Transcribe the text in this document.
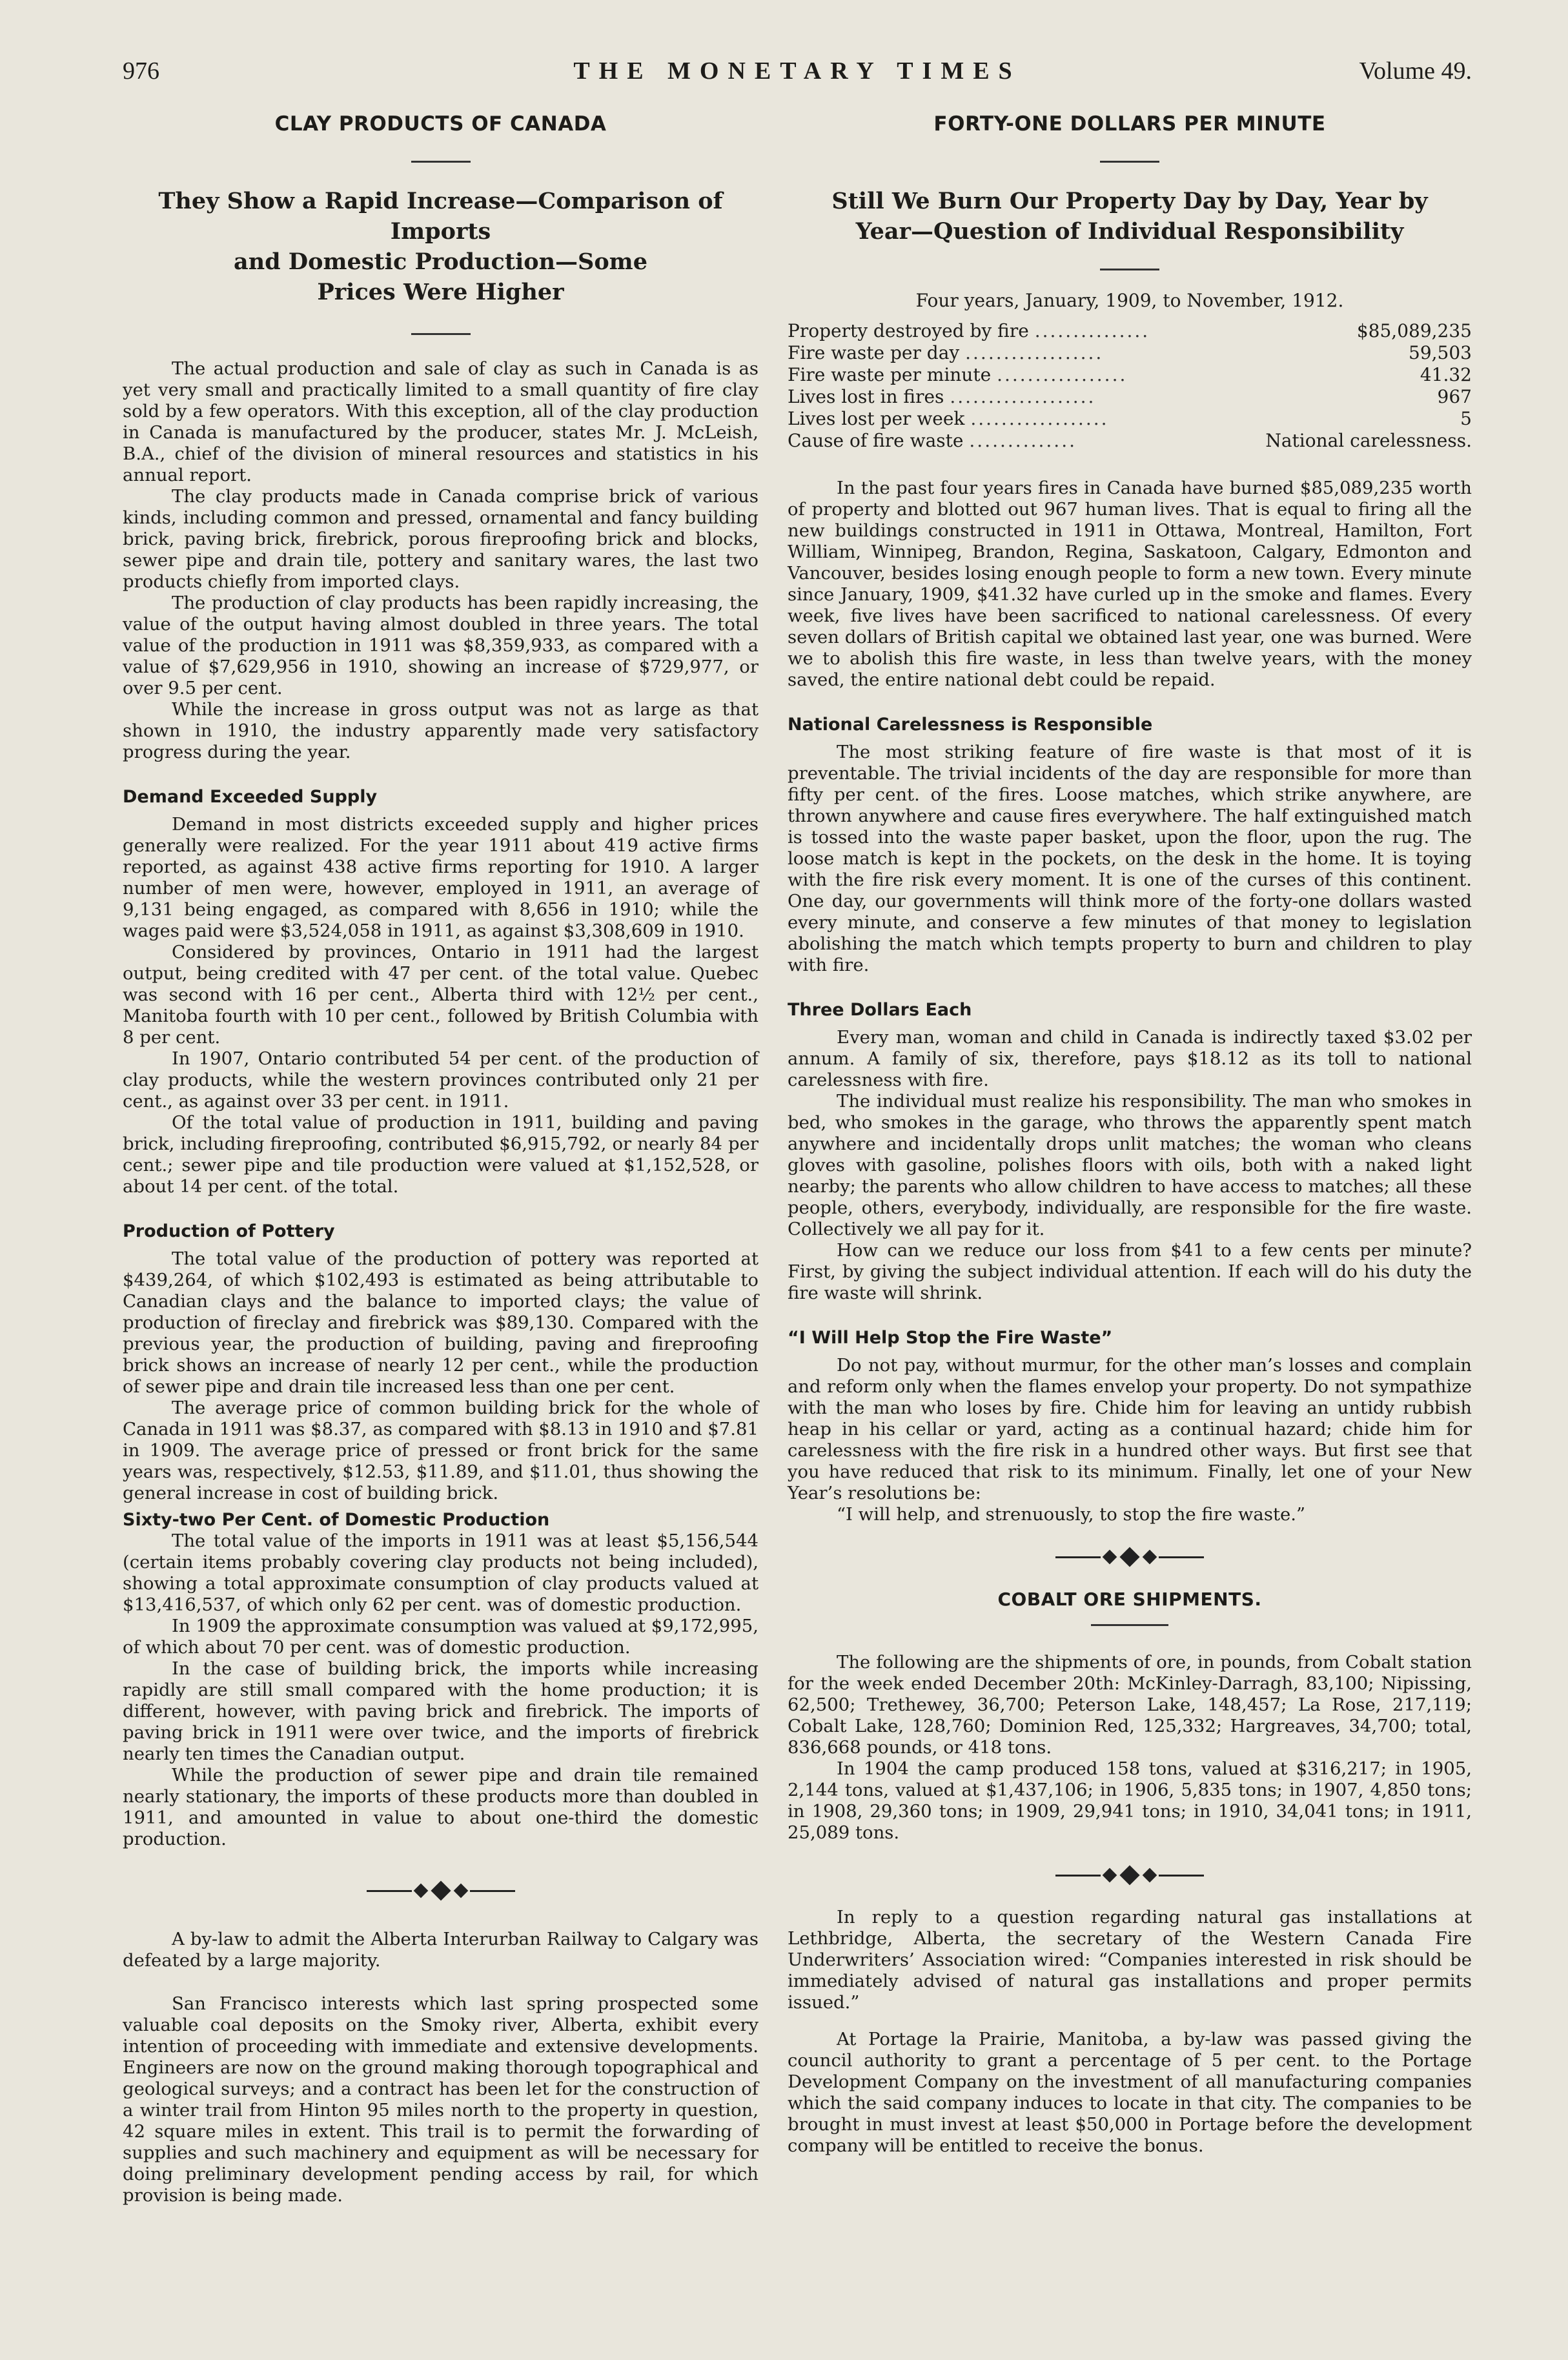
976	THE MONETARY TIMES	Volume 49.
CLAY PRODUCTS OF CANADA
They Show a Rapid Increase—Comparison of Imports
and Domestic Production—Some
Prices Were Higher

The actual production and sale of clay as such in Canada is as yet very small and practically limited to a small quantity of fire clay sold by a few operators. With this exception, all of the clay production in Canada is manufactured by the producer, states Mr. J. McLeish, B.A., chief of the division of mineral resources and statistics in his annual report.

The clay products made in Canada comprise brick of various kinds, including common and pressed, ornamental and fancy building brick, paving brick, firebrick, porous fireproofing brick and blocks, sewer pipe and drain tile, pottery and sanitary wares, the last two products chiefly from imported clays.

The production of clay products has been rapidly increasing, the value of the output having almost doubled in three years. The total value of the production in 1911 was $8,359,933, as compared with a value of $7,629,956 in 1910, showing an increase of $729,977, or over 9.5 per cent.

While the increase in gross output was not as large as that shown in 1910, the industry apparently made very satisfactory progress during the year.

Demand Exceeded Supply

Demand in most districts exceeded supply and higher prices generally were realized. For the year 1911 about 419 active firms reported, as against 438 active firms reporting for 1910. A larger number of men were, however, employed in 1911, an average of 9,131 being engaged, as compared with 8,656 in 1910; while the wages paid were $3,524,058 in 1911, as against $3,308,609 in 1910.

Considered by provinces, Ontario in 1911 had the largest output, being credited with 47 per cent. of the total value. Quebec was second with 16 per cent., Alberta third with 12½ per cent., Manitoba fourth with 10 per cent., followed by British Columbia with 8 per cent.

In 1907, Ontario contributed 54 per cent. of the production of clay products, while the western provinces contributed only 21 per cent., as against over 33 per cent. in 1911.

Of the total value of production in 1911, building and paving brick, including fireproofing, contributed $6,915,792, or nearly 84 per cent.; sewer pipe and tile production were valued at $1,152,528, or about 14 per cent. of the total.

Production of Pottery

The total value of the production of pottery was reported at $439,264, of which $102,493 is estimated as being attributable to Canadian clays and the balance to imported clays; the value of production of fireclay and firebrick was $89,130. Compared with the previous year, the production of building, paving and fireproofing brick shows an increase of nearly 12 per cent., while the production of sewer pipe and drain tile increased less than one per cent.

The average price of common building brick for the whole of Canada in 1911 was $8.37, as compared with $8.13 in 1910 and $7.81 in 1909. The average price of pressed or front brick for the same years was, respectively, $12.53, $11.89, and $11.01, thus showing the general increase in cost of building brick.

Sixty-two Per Cent. of Domestic Production

The total value of the imports in 1911 was at least $5,156,544 (certain items probably covering clay products not being included), showing a total approximate consumption of clay products valued at $13,416,537, of which only 62 per cent. was of domestic production.

In 1909 the approximate consumption was valued at $9,172,995, of which about 70 per cent. was of domestic production.

In the case of building brick, the imports while increasing rapidly are still small compared with the home production; it is different, however, with paving brick and firebrick. The imports of paving brick in 1911 were over twice, and the imports of firebrick nearly ten times the Canadian output.

While the production of sewer pipe and drain tile remained nearly stationary, the imports of these products more than doubled in 1911, and amounted in value to about one-third the domestic production.

A by-law to admit the Alberta Interurban Railway to Calgary was defeated by a large majority.

San Francisco interests which last spring prospected some valuable coal deposits on the Smoky river, Alberta, exhibit every intention of proceeding with immediate and extensive developments. Engineers are now on the ground making thorough topographical and geological surveys; and a contract has been let for the construction of a winter trail from Hinton 95 miles north to the property in question, 42 square miles in extent. This trail is to permit the forwarding of supplies and such machinery and equipment as will be necessary for doing preliminary development pending access by rail, for which provision is being made.

FORTY-ONE DOLLARS PER MINUTE
Still We Burn Our Property Day by Day, Year by
Year—Question of Individual Responsibility
Four years, January, 1909, to November, 1912.
Property destroyed by fire ...............	$85,089,235
Fire waste per day ..................	59,503
Fire waste per minute .................	41.32
Lives lost in fires ...................	967
Lives lost per week ..................	5
Cause of fire waste ..............	National carelessness.

In the past four years fires in Canada have burned $85,089,235 worth of property and blotted out 967 human lives. That is equal to firing all the new buildings constructed in 1911 in Ottawa, Montreal, Hamilton, Fort William, Winnipeg, Brandon, Regina, Saskatoon, Calgary, Edmonton and Vancouver, besides losing enough people to form a new town. Every minute since January, 1909, $41.32 have curled up in the smoke and flames. Every week, five lives have been sacrificed to national carelessness. Of every seven dollars of British capital we obtained last year, one was burned. Were we to abolish this fire waste, in less than twelve years, with the money saved, the entire national debt could be repaid.

National Carelessness is Responsible

The most striking feature of fire waste is that most of it is preventable. The trivial incidents of the day are responsible for more than fifty per cent. of the fires. Loose matches, which strike anywhere, are thrown anywhere and cause fires everywhere. The half extinguished match is tossed into the waste paper basket, upon the floor, upon the rug. The loose match is kept in the pockets, on the desk in the home. It is toying with the fire risk every moment. It is one of the curses of this continent. One day, our governments will think more of the forty-one dollars wasted every minute, and conserve a few minutes of that money to legislation abolishing the match which tempts property to burn and children to play with fire.

Three Dollars Each

Every man, woman and child in Canada is indirectly taxed $3.02 per annum. A family of six, therefore, pays $18.12 as its toll to national carelessness with fire.

The individual must realize his responsibility. The man who smokes in bed, who smokes in the garage, who throws the apparently spent match anywhere and incidentally drops unlit matches; the woman who cleans gloves with gasoline, polishes floors with oils, both with a naked light nearby; the parents who allow children to have access to matches; all these people, others, everybody, individually, are responsible for the fire waste. Collectively we all pay for it.

How can we reduce our loss from $41 to a few cents per minute? First, by giving the subject individual attention. If each will do his duty the fire waste will shrink.

“I Will Help Stop the Fire Waste”

Do not pay, without murmur, for the other man’s losses and complain and reform only when the flames envelop your property. Do not sympathize with the man who loses by fire. Chide him for leaving an untidy rubbish heap in his cellar or yard, acting as a continual hazard; chide him for carelessness with the fire risk in a hundred other ways. But first see that you have reduced that risk to its minimum. Finally, let one of your New Year’s resolutions be:

“I will help, and strenuously, to stop the fire waste.”

COBALT ORE SHIPMENTS.

The following are the shipments of ore, in pounds, from Cobalt station for the week ended December 20th: McKinley-Darragh, 83,100; Nipissing, 62,500; Trethewey, 36,700; Peterson Lake, 148,457; La Rose, 217,119; Cobalt Lake, 128,760; Dominion Red, 125,332; Hargreaves, 34,700; total, 836,668 pounds, or 418 tons.

In 1904 the camp produced 158 tons, valued at $316,217; in 1905, 2,144 tons, valued at $1,437,106; in 1906, 5,835 tons; in 1907, 4,850 tons; in 1908, 29,360 tons; in 1909, 29,941 tons; in 1910, 34,041 tons; in 1911, 25,089 tons.

In reply to a question regarding natural gas installations at Lethbridge, Alberta, the secretary of the Western Canada Fire Underwriters’ Association wired: “Companies interested in risk should be immediately advised of natural gas installations and proper permits issued.”

At Portage la Prairie, Manitoba, a by-law was passed giving the council authority to grant a percentage of 5 per cent. to the Portage Development Company on the investment of all manufacturing companies which the said company induces to locate in that city. The companies to be brought in must invest at least $50,000 in Portage before the development company will be entitled to receive the bonus.
